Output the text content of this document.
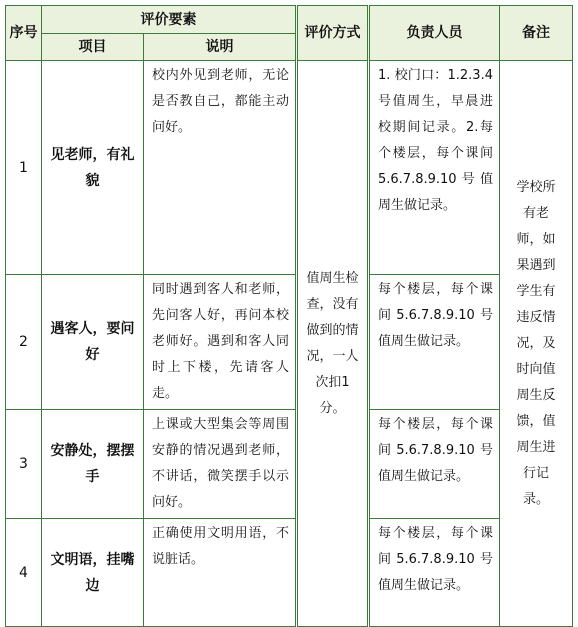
序号	评价要素		评价方式	负责人员	备注
	项目	说明			
1	见老师，有礼貌	校内外见到老师，无论是否教自己，都能主动问好。	值周生检查，没有做到的情况，一人次扣1分。	1. 校门口：1.2.3.4号值周生，早晨进校期间记录。2.每个楼层，每个课间5.6.7.8.9.10号值周生做记录。	学校所有老师，如果遇到学生有违反情况，及时向值周生反馈，值周生进行记录。
2	遇客人，要问好	同时遇到客人和老师，先问客人好，再问本校老师好。遇到和客人同时上下楼，先请客人走。		每个楼层，每个课间5.6.7.8.9.10号值周生做记录。	
3	安静处，摆摆手	上课或大型集会等周围安静的情况遇到老师，不讲话，微笑摆手以示问好。		每个楼层，每个课间5.6.7.8.9.10号值周生做记录。	
4	文明语，挂嘴边	正确使用文明用语，不说脏话。		每个楼层，每个课间5.6.7.8.9.10号值周生做记录。	
